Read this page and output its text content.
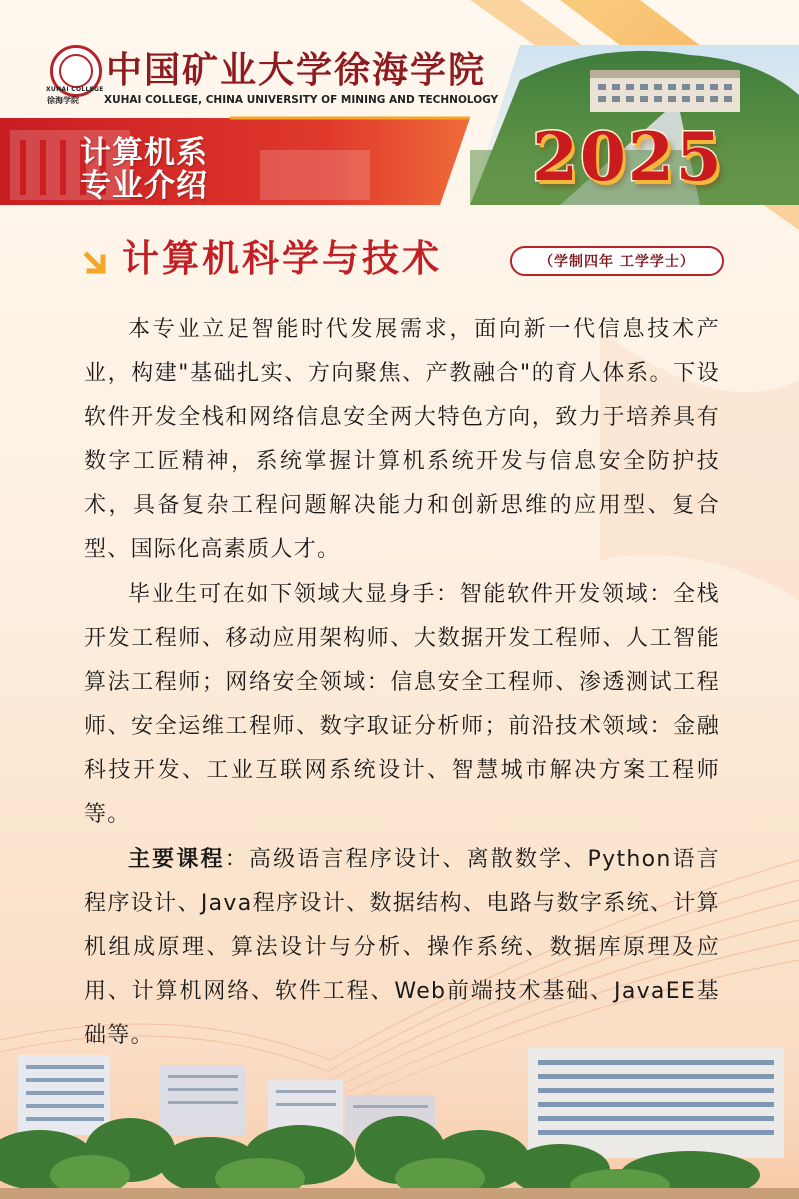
XUHAI COLLEGE
徐海学院
中国矿业大学徐海学院
XUHAI COLLEGE, CHINA UNIVERSITY OF MINING AND TECHNOLOGY
计算机系
专业介绍	2025
计算机科学与技术	（学制四年 工学学士）

本专业立足智能时代发展需求，面向新一代信息技术产业，构建"基础扎实、方向聚焦、产教融合"的育人体系。下设软件开发全栈和网络信息安全两大特色方向，致力于培养具有数字工匠精神，系统掌握计算机系统开发与信息安全防护技术，具备复杂工程问题解决能力和创新思维的应用型、复合型、国际化高素质人才。

毕业生可在如下领域大显身手：智能软件开发领域：全栈开发工程师、移动应用架构师、大数据开发工程师、人工智能算法工程师；网络安全领域：信息安全工程师、渗透测试工程师、安全运维工程师、数字取证分析师；前沿技术领域：金融科技开发、工业互联网系统设计、智慧城市解决方案工程师等。

主要课程：高级语言程序设计、离散数学、Python语言程序设计、Java程序设计、数据结构、电路与数字系统、计算机组成原理、算法设计与分析、操作系统、数据库原理及应用、计算机网络、软件工程、Web前端技术基础、JavaEE基础等。
